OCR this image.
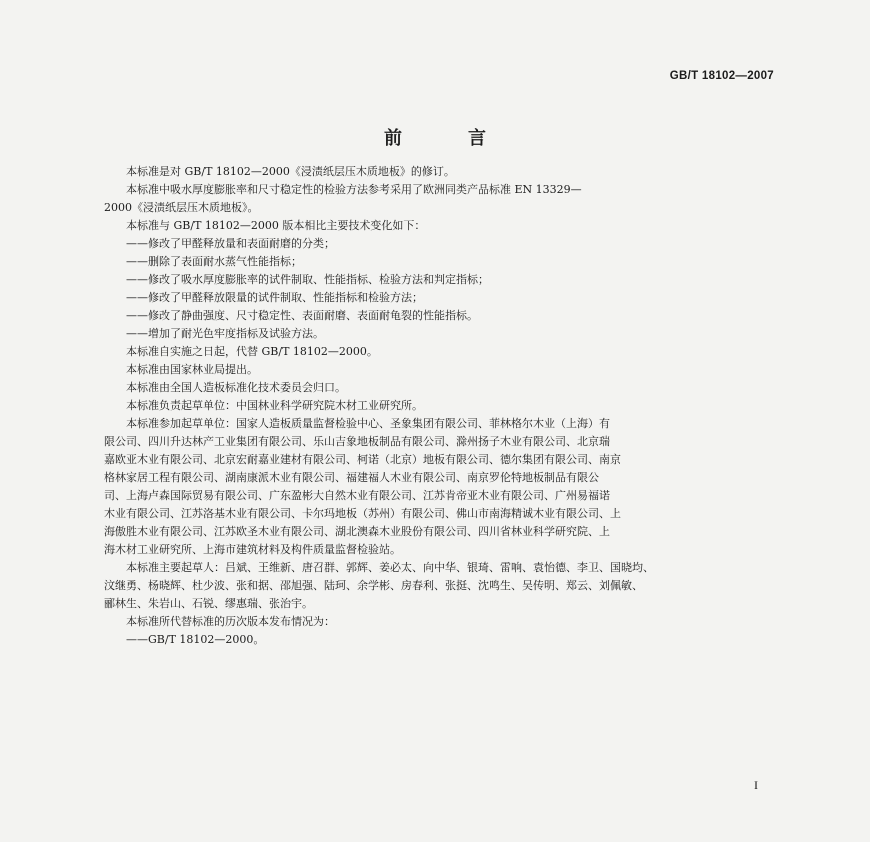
GB/T 18102—2007
前　言
　　本标准是对 GB/T 18102—2000《浸渍纸层压木质地板》的修订。
　　本标准中吸水厚度膨胀率和尺寸稳定性的检验方法参考采用了欧洲同类产品标准 EN 13329—
2000《浸渍纸层压木质地板》。
　　本标准与 GB/T 18102—2000 版本相比主要技术变化如下：
　　——修改了甲醛释放量和表面耐磨的分类；
　　——删除了表面耐水蒸气性能指标；
　　——修改了吸水厚度膨胀率的试件制取、性能指标、检验方法和判定指标；
　　——修改了甲醛释放限量的试件制取、性能指标和检验方法；
　　——修改了静曲强度、尺寸稳定性、表面耐磨、表面耐龟裂的性能指标。
　　——增加了耐光色牢度指标及试验方法。
　　本标准自实施之日起，代替 GB/T 18102—2000。
　　本标准由国家林业局提出。
　　本标准由全国人造板标准化技术委员会归口。
　　本标准负责起草单位：中国林业科学研究院木材工业研究所。
　　本标准参加起草单位：国家人造板质量监督检验中心、圣象集团有限公司、菲林格尔木业（上海）有
限公司、四川升达林产工业集团有限公司、乐山吉象地板制品有限公司、滁州扬子木业有限公司、北京瑞
嘉欧亚木业有限公司、北京宏耐嘉业建材有限公司、柯诺（北京）地板有限公司、德尔集团有限公司、南京
格林家居工程有限公司、湖南康派木业有限公司、福建福人木业有限公司、南京罗伦特地板制品有限公
司、上海卢森国际贸易有限公司、广东盈彬大自然木业有限公司、江苏肯帝亚木业有限公司、广州易福诺
木业有限公司、江苏洛基木业有限公司、卡尔玛地板（苏州）有限公司、佛山市南海精诚木业有限公司、上
海傲胜木业有限公司、江苏欧圣木业有限公司、湖北澳森木业股份有限公司、四川省林业科学研究院、上
海木材工业研究所、上海市建筑材料及构件质量监督检验站。
　　本标准主要起草人：吕斌、王维新、唐召群、郭辉、姜必太、向中华、银琦、雷响、袁怡德、李卫、国晓均、
汶继勇、杨晓辉、杜少波、张和据、邵旭强、陆珂、余学彬、房春利、张挺、沈鸣生、吴传明、郑云、刘佩敏、
郦林生、朱岩山、石锐、缪惠瑞、张治宇。
　　本标准所代替标准的历次版本发布情况为：
　　——GB/T 18102—2000。
I
